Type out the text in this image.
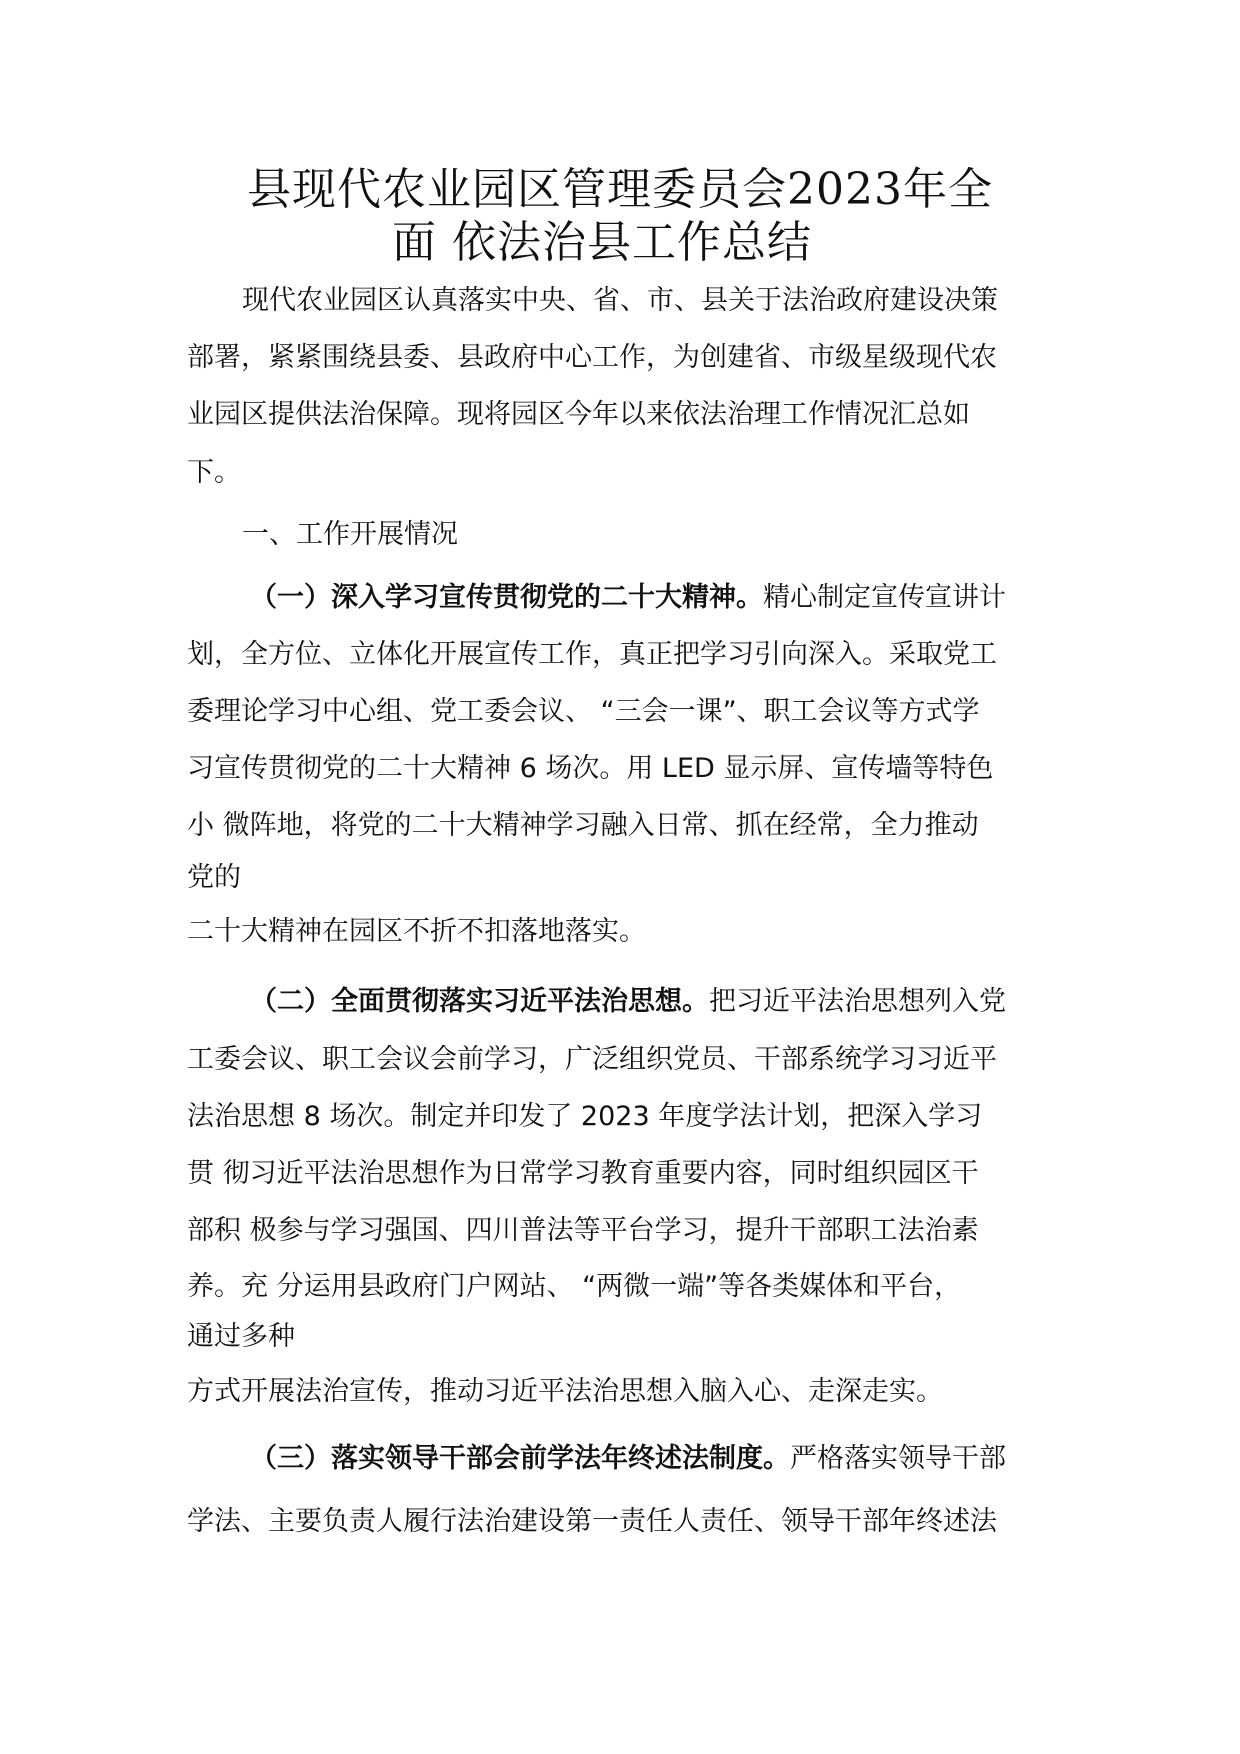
县现代农业园区管理委员会2023年全
面 依法治县工作总结
现代农业园区认真落实中央、省、市、县关于法治政府建设决策
部署，紧紧围绕县委、县政府中心工作，为创建省、市级星级现代农
业园区提供法治保障。现将园区今年以来依法治理工作情况汇总如
下。
一、工作开展情况
（一）深入学习宣传贯彻党的二十大精神。精心制定宣传宣讲计
划，全方位、立体化开展宣传工作，真正把学习引向深入。采取党工
委理论学习中心组、党工委会议、 “三会一课”、职工会议等方式学
习宣传贯彻党的二十大精神 6 场次。用 LED 显示屏、宣传墙等特色
小 微阵地，将党的二十大精神学习融入日常、抓在经常，全力推动
党的
二十大精神在园区不折不扣落地落实。
（二）全面贯彻落实习近平法治思想。把习近平法治思想列入党
工委会议、职工会议会前学习，广泛组织党员、干部系统学习习近平
法治思想 8 场次。制定并印发了 2023 年度学法计划，把深入学习
贯 彻习近平法治思想作为日常学习教育重要内容，同时组织园区干
部积 极参与学习强国、四川普法等平台学习，提升干部职工法治素
养。充 分运用县政府门户网站、 “两微一端”等各类媒体和平台，
通过多种
方式开展法治宣传，推动习近平法治思想入脑入心、走深走实。
（三）落实领导干部会前学法年终述法制度。严格落实领导干部
学法、主要负责人履行法治建设第一责任人责任、领导干部年终述法
